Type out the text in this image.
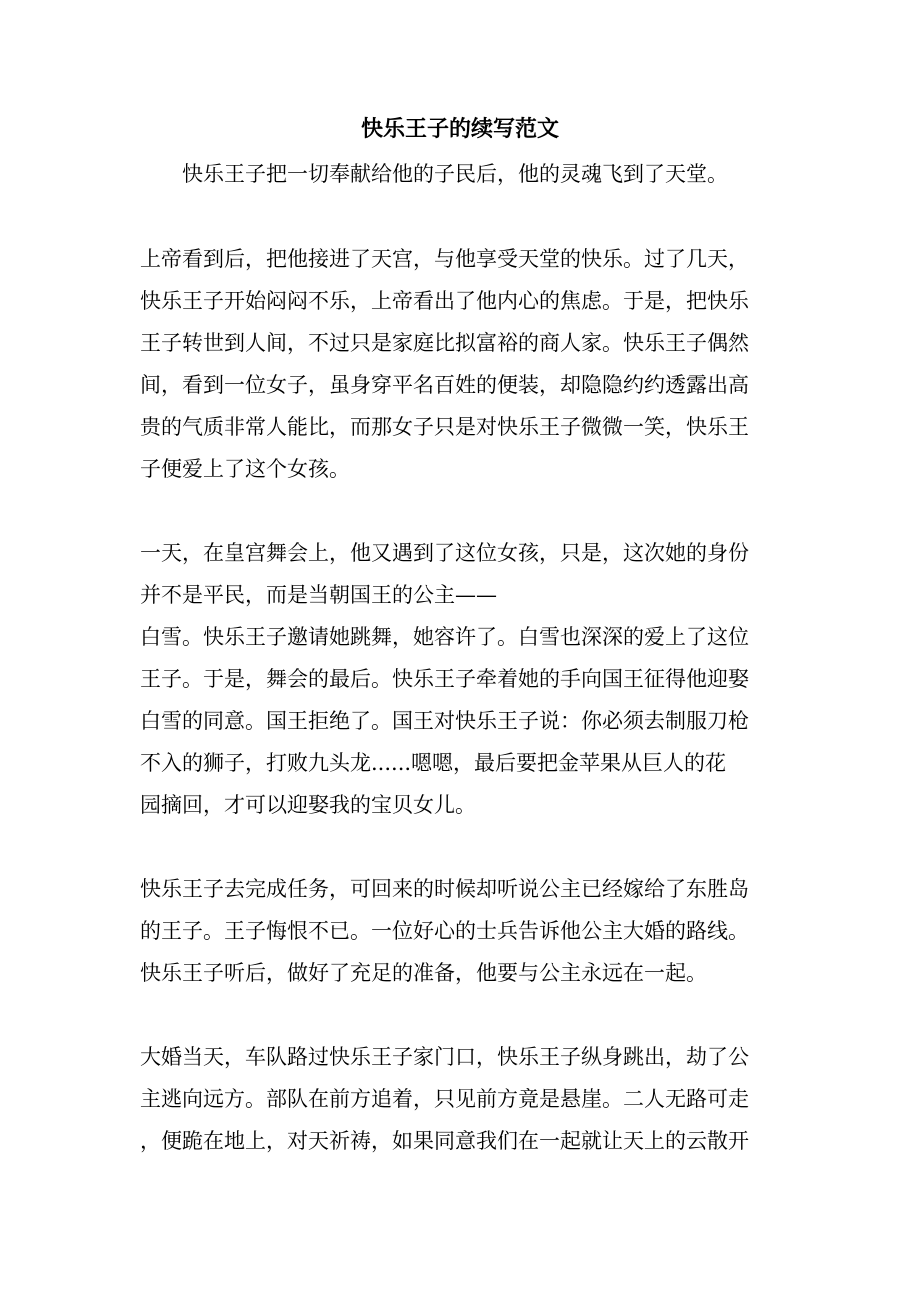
快乐王子的续写范文
快乐王子把一切奉献给他的子民后，他的灵魂飞到了天堂。
上帝看到后，把他接进了天宫，与他享受天堂的快乐。过了几天，
快乐王子开始闷闷不乐，上帝看出了他内心的焦虑。于是，把快乐
王子转世到人间，不过只是家庭比拟富裕的商人家。快乐王子偶然
间，看到一位女子，虽身穿平名百姓的便装，却隐隐约约透露出高
贵的气质非常人能比，而那女子只是对快乐王子微微一笑，快乐王
子便爱上了这个女孩。
一天，在皇宫舞会上，他又遇到了这位女孩，只是，这次她的身份
并不是平民，而是当朝国王的公主——
白雪。快乐王子邀请她跳舞，她容许了。白雪也深深的爱上了这位
王子。于是，舞会的最后。快乐王子牵着她的手向国王征得他迎娶
白雪的同意。国王拒绝了。国王对快乐王子说：你必须去制服刀枪
不入的狮子，打败九头龙......嗯嗯，最后要把金苹果从巨人的花
园摘回，才可以迎娶我的宝贝女儿。
快乐王子去完成任务，可回来的时候却听说公主已经嫁给了东胜岛
的王子。王子悔恨不已。一位好心的士兵告诉他公主大婚的路线。
快乐王子听后，做好了充足的准备，他要与公主永远在一起。
大婚当天，车队路过快乐王子家门口，快乐王子纵身跳出，劫了公
主逃向远方。部队在前方追着，只见前方竟是悬崖。二人无路可走
，便跪在地上，对天祈祷，如果同意我们在一起就让天上的云散开
